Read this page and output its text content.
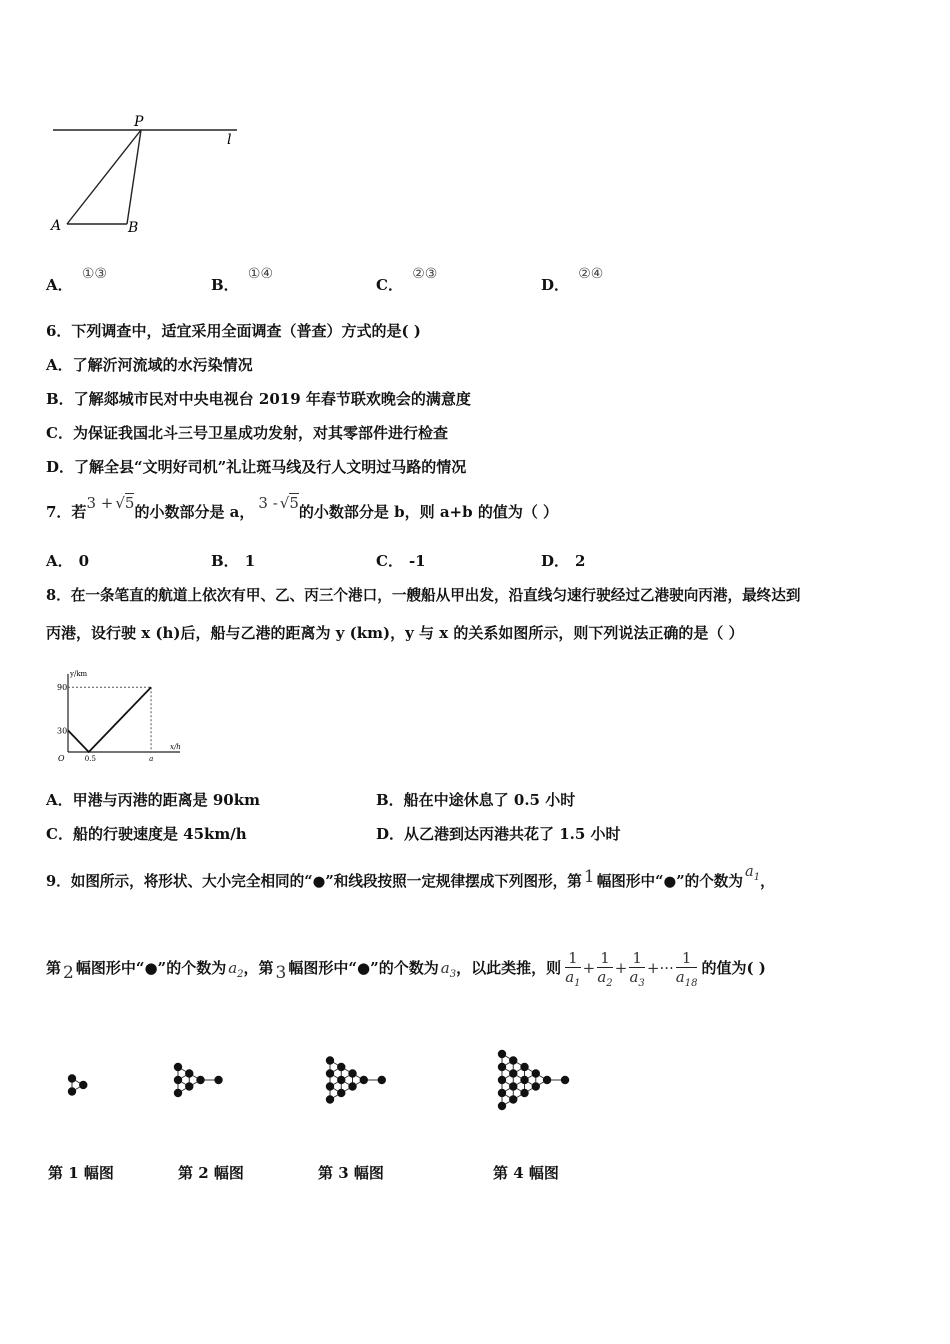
P
l
A	B
A． ①③
B． ①④
C． ②③
D． ②④
6．下列调查中，适宜采用全面调查（普查）方式的是( )
A．了解沂河流域的水污染情况
B．了解郯城市民对中央电视台 2019 年春节联欢晚会的满意度
C．为保证我国北斗三号卫星成功发射，对其零部件进行检查
D．了解全县“文明好司机”礼让斑马线及行人文明过马路的情况
7．若3 + √5的小数部分是 a， 3 - √5的小数部分是 b，则 a+b 的值为（ ）
A． 0	B． 1	C． -1	D． 2
8．在一条笔直的航道上依次有甲、乙、丙三个港口，一艘船从甲出发，沿直线匀速行驶经过乙港驶向丙港，最终达到
丙港，设行驶 x (h)后，船与乙港的距离为 y (km)，y 与 x 的关系如图所示，则下列说法正确的是（ ）
y/km
x/h
30
90
O	0.5	a
A．甲港与丙港的距离是 90km	B．船在中途休息了 0.5 小时
C．船的行驶速度是 45km/h	D．从乙港到达丙港共花了 1.5 小时
9．如图所示，将形状、大小完全相同的“●”和线段按照一定规律摆成下列图形，第 1 幅图形中“●”的个数为$a_1$，
第 2 幅图形中“●”的个数为 $a_2$，第 3 幅图形中“●”的个数为 $a_3$，以此类推，则 $\frac{1}{a_1} + \frac{1}{a_2} + \frac{1}{a_3}$ +··· $\frac{1}{a_{18}}$ 的值为( )
第 1 幅图	第 2 幅图	第 3 幅图	第 4 幅图
